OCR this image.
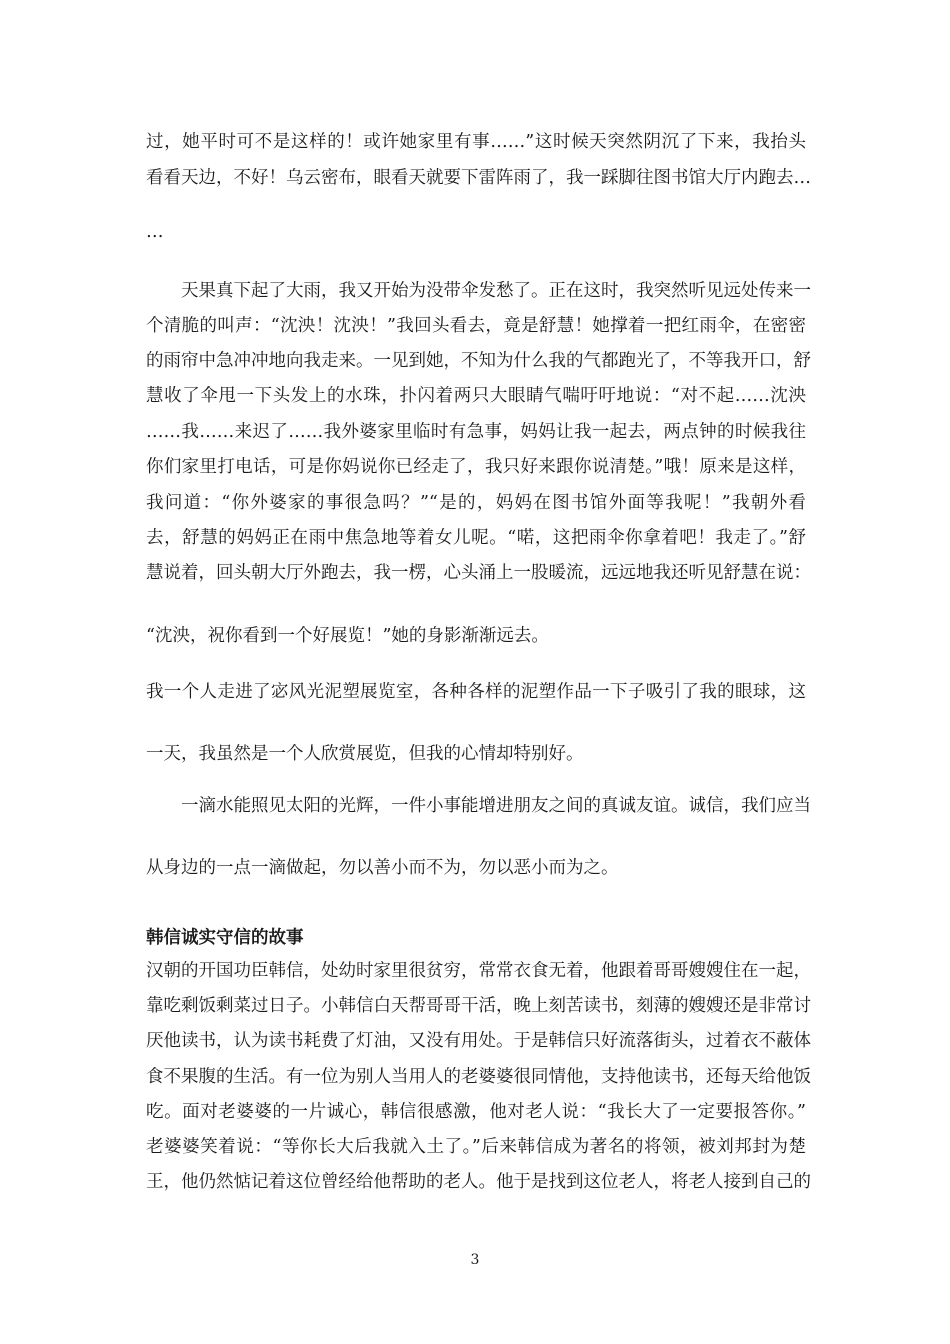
过，她平时可不是这样的！或许她家里有事……”这时候天突然阴沉了下来，我抬头
看看天边，不好！乌云密布，眼看天就要下雷阵雨了，我一踩脚往图书馆大厅内跑去…
…
天果真下起了大雨，我又开始为没带伞发愁了。正在这时，我突然听见远处传来一
个清脆的叫声：“沈泱！沈泱！”我回头看去，竟是舒慧！她撑着一把红雨伞，在密密
的雨帘中急冲冲地向我走来。一见到她，不知为什么我的气都跑光了，不等我开口，舒
慧收了伞甩一下头发上的水珠，扑闪着两只大眼睛气喘吁吁地说：“对不起……沈泱
……我……来迟了……我外婆家里临时有急事，妈妈让我一起去，两点钟的时候我往
你们家里打电话，可是你妈说你已经走了，我只好来跟你说清楚。”哦！原来是这样，
我问道：“你外婆家的事很急吗？”“是的，妈妈在图书馆外面等我呢！”我朝外看
去，舒慧的妈妈正在雨中焦急地等着女儿呢。“喏，这把雨伞你拿着吧！我走了。”舒
慧说着，回头朝大厅外跑去，我一楞，心头涌上一股暖流，远远地我还听见舒慧在说：
“沈泱，祝你看到一个好展览！”她的身影渐渐远去。
我一个人走进了宓风光泥塑展览室，各种各样的泥塑作品一下子吸引了我的眼球，这
一天，我虽然是一个人欣赏展览，但我的心情却特别好。
一滴水能照见太阳的光辉，一件小事能增进朋友之间的真诚友谊。诚信，我们应当
从身边的一点一滴做起，勿以善小而不为，勿以恶小而为之。
韩信诚实守信的故事
汉朝的开国功臣韩信，处幼时家里很贫穷，常常衣食无着，他跟着哥哥嫂嫂住在一起，
靠吃剩饭剩菜过日子。小韩信白天帮哥哥干活，晚上刻苦读书，刻薄的嫂嫂还是非常讨
厌他读书，认为读书耗费了灯油，又没有用处。于是韩信只好流落街头，过着衣不蔽体
食不果腹的生活。有一位为别人当用人的老婆婆很同情他，支持他读书，还每天给他饭
吃。面对老婆婆的一片诚心，韩信很感激，他对老人说：“我长大了一定要报答你。”
老婆婆笑着说：“等你长大后我就入土了。”后来韩信成为著名的将领，被刘邦封为楚
王，他仍然惦记着这位曾经给他帮助的老人。他于是找到这位老人，将老人接到自己的
3
